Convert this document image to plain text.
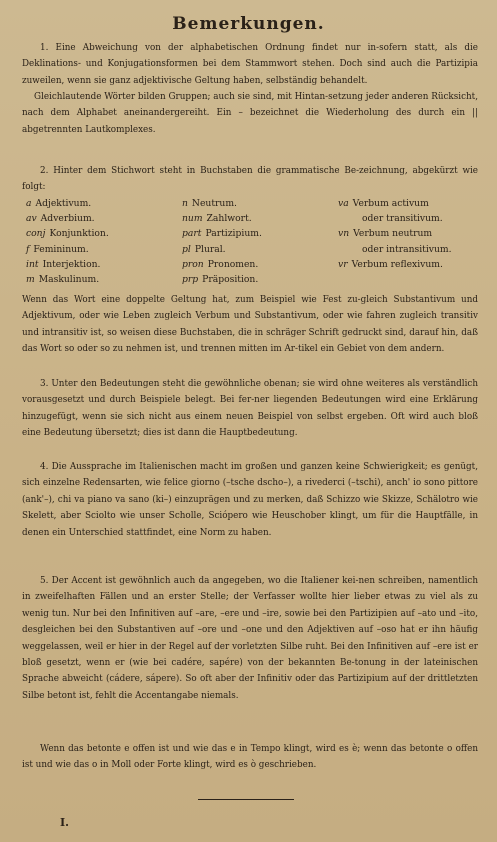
Bemerkungen.
1. Eine Abweichung von der alphabetischen Ordnung findet nur in-sofern statt, als die Deklinations- und Konjugationsformen bei dem Stammwort stehen. Doch sind auch die Partizipia zuweilen, wenn sie ganz adjektivische Geltung haben, selbständig behandelt.
Gleichlautende Wörter bilden Gruppen; auch sie sind, mit Hintan-setzung jeder anderen Rücksicht, nach dem Alphabet aneinandergereiht. Ein – bezeichnet die Wiederholung des durch ein || abgetrennten Lautkomplexes.
2. Hinter dem Stichwort steht in Buchstaben die grammatische Be-zeichnung, abgekürzt wie folgt:
a Adjektivum.
av Adverbium.
conj Konjunktion.
f Femininum.
int Interjektion.
m Maskulinum.
n Neutrum.
num Zahlwort.
part Partizipium.
pl Plural.
pron Pronomen.
prp Präposition.
va Verbum activum
oder transitivum.
vn Verbum neutrum
oder intransitivum.
vr Verbum reflexivum.
Wenn das Wort eine doppelte Geltung hat, zum Beispiel wie Fest zu-gleich Substantivum und Adjektivum, oder wie Leben zugleich Verbum und Substantivum, oder wie fahren zugleich transitiv und intransitiv ist, so weisen diese Buchstaben, die in schräger Schrift gedruckt sind, darauf hin, daß das Wort so oder so zu nehmen ist, und trennen mitten im Ar-tikel ein Gebiet von dem andern.
3. Unter den Bedeutungen steht die gewöhnliche obenan; sie wird ohne weiteres als verständlich vorausgesetzt und durch Beispiele belegt. Bei fer-ner liegenden Bedeutungen wird eine Erklärung hinzugefügt, wenn sie sich nicht aus einem neuen Beispiel von selbst ergeben. Oft wird auch bloß eine Bedeutung übersetzt; dies ist dann die Hauptbedeutung.
4. Die Aussprache im Italienischen macht im großen und ganzen keine Schwierigkeit; es genügt, sich einzelne Redensarten, wie felice giorno (–tsche dscho–), a rivederci (–tschi), anch' io sono pittore (ank'–), chi va piano va sano (ki–) einzuprägen und zu merken, daß Schizzo wie Skizze, Schälotro wie Skelett, aber Sciolto wie unser Scholle, Sciópero wie Heuschober klingt, um für die Hauptfälle, in denen ein Unterschied stattfindet, eine Norm zu haben.
5. Der Accent ist gewöhnlich auch da angegeben, wo die Italiener kei-nen schreiben, namentlich in zweifelhaften Fällen und an erster Stelle; der Verfasser wollte hier lieber etwas zu viel als zu wenig tun. Nur bei den Infinitiven auf –are, –ere und –ire, sowie bei den Partizipien auf –ato und –ito, desgleichen bei den Substantiven auf –ore und –one und den Adjektiven auf –oso hat er ihn häufig weggelassen, weil er hier in der Regel auf der vorletzten Silbe ruht. Bei den Infinitiven auf –ere ist er bloß gesetzt, wenn er (wie bei cadére, sapére) von der bekannten Be-tonung in der lateinischen Sprache abweicht (cádere, sápere). So oft aber der Infinitiv oder das Partizipium auf der drittletzten Silbe betont ist, fehlt die Accentangabe niemals.
Wenn das betonte e offen ist und wie das e in Tempo klingt, wird es è; wenn das betonte o offen ist und wie das o in Moll oder Forte klingt, wird es ò geschrieben.
I.
